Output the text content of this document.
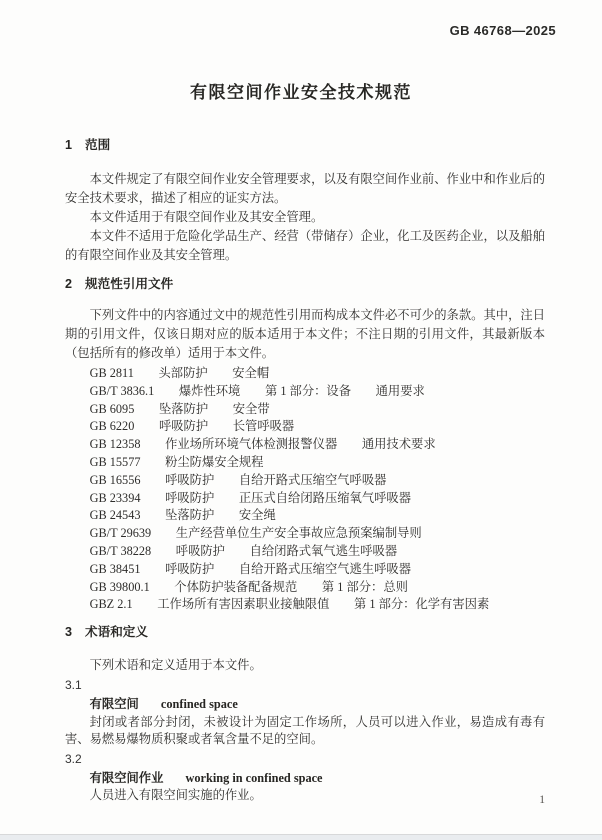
GB 46768—2025
有限空间作业安全技术规范
1 范围

本文件规定了有限空间作业安全管理要求，以及有限空间作业前、作业中和作业后的安全技术要求，描述了相应的证实方法。

本文件适用于有限空间作业及其安全管理。

本文件不适用于危险化学品生产、经营（带储存）企业，化工及医药企业，以及船舶的有限空间作业及其安全管理。

2 规范性引用文件

下列文件中的内容通过文中的规范性引用而构成本文件必不可少的条款。其中，注日期的引用文件，仅该日期对应的版本适用于本文件；不注日期的引用文件，其最新版本（包括所有的修改单）适用于本文件。

GB 2811　　头部防护　　安全帽
GB/T 3836.1　　爆炸性环境　　第 1 部分：设备　　通用要求
GB 6095　　坠落防护　　安全带
GB 6220　　呼吸防护　　长管呼吸器
GB 12358　　作业场所环境气体检测报警仪器　　通用技术要求
GB 15577　　粉尘防爆安全规程
GB 16556　　呼吸防护　　自给开路式压缩空气呼吸器
GB 23394　　呼吸防护　　正压式自给闭路压缩氧气呼吸器
GB 24543　　坠落防护　　安全绳
GB/T 29639　　生产经营单位生产安全事故应急预案编制导则
GB/T 38228　　呼吸防护　　自给闭路式氧气逃生呼吸器
GB 38451　　呼吸防护　　自给开路式压缩空气逃生呼吸器
GB 39800.1　　个体防护装备配备规范　　第 1 部分：总则
GBZ 2.1　　工作场所有害因素职业接触限值　　第 1 部分：化学有害因素
3 术语和定义

下列术语和定义适用于本文件。

3.1
有限空间 confined space

封闭或者部分封闭，未被设计为固定工作场所，人员可以进入作业，易造成有毒有害、易燃易爆物质积聚或者氧含量不足的空间。

3.2
有限空间作业 working in confined space

人员进入有限空间实施的作业。	1
